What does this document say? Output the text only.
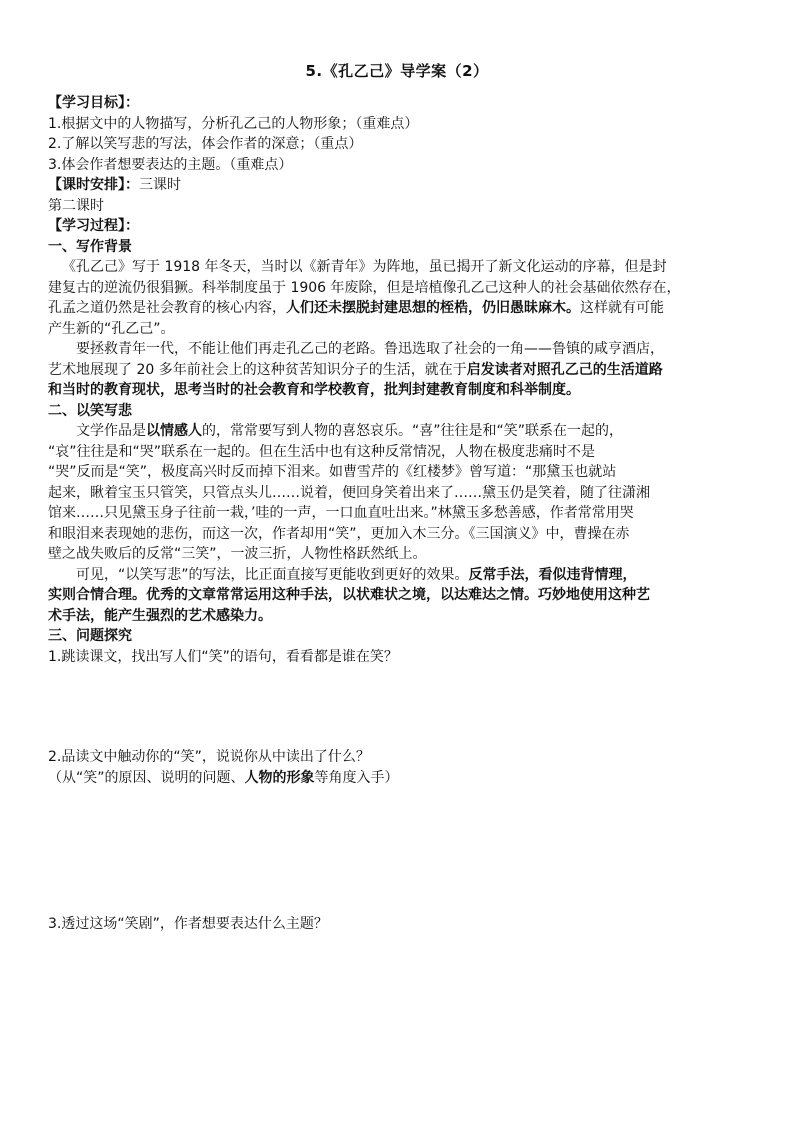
5.《孔乙己》导学案（2）
【学习目标】：
1.根据文中的人物描写，分析孔乙己的人物形象；（重难点）
2.了解以笑写悲的写法，体会作者的深意；（重点）
3.体会作者想要表达的主题。（重难点）
【课时安排】：三课时
第二课时
【学习过程】：
一、写作背景
《孔乙己》写于 1918 年冬天，当时以《新青年》为阵地，虽已揭开了新文化运动的序幕，但是封
建复古的逆流仍很猖獗。科举制度虽于 1906 年废除，但是培植像孔乙己这种人的社会基础依然存在，
孔孟之道仍然是社会教育的核心内容，人们还未摆脱封建思想的桎梏，仍旧愚昧麻木。这样就有可能
产生新的“孔乙己”。
要拯救青年一代，不能让他们再走孔乙己的老路。鲁迅选取了社会的一角——鲁镇的咸亨酒店，
艺术地展现了 20 多年前社会上的这种贫苦知识分子的生活，就在于启发读者对照孔乙己的生活道路
和当时的教育现状，思考当时的社会教育和学校教育，批判封建教育制度和科举制度。
二、以笑写悲
文学作品是以情感人的，常常要写到人物的喜怒哀乐。“喜”往往是和“笑”联系在一起的，
“哀”往往是和“哭”联系在一起的。但在生活中也有这种反常情况，人物在极度悲痛时不是
“哭”反而是“笑”，极度高兴时反而掉下泪来。如曹雪芹的《红楼梦》曾写道：“那黛玉也就站
起来，瞅着宝玉只管笑，只管点头儿……说着，便回身笑着出来了……黛玉仍是笑着，随了往潇湘
馆来……只见黛玉身子往前一栽，’哇的一声，一口血直吐出来。”林黛玉多愁善感，作者常常用哭
和眼泪来表现她的悲伤，而这一次，作者却用“笑”，更加入木三分。《三国演义》中，曹操在赤
壁之战失败后的反常“三笑”，一波三折，人物性格跃然纸上。
可见，“以笑写悲”的写法，比正面直接写更能收到更好的效果。反常手法，看似违背情理，
实则合情合理。优秀的文章常常运用这种手法，以状难状之境，以达难达之情。巧妙地使用这种艺
术手法，能产生强烈的艺术感染力。
三、问题探究
1.跳读课文，找出写人们“笑”的语句，看看都是谁在笑？
2.品读文中触动你的“笑”，说说你从中读出了什么？
（从“笑”的原因、说明的问题、人物的形象等角度入手）
3.透过这场“笑剧”，作者想要表达什么主题？
